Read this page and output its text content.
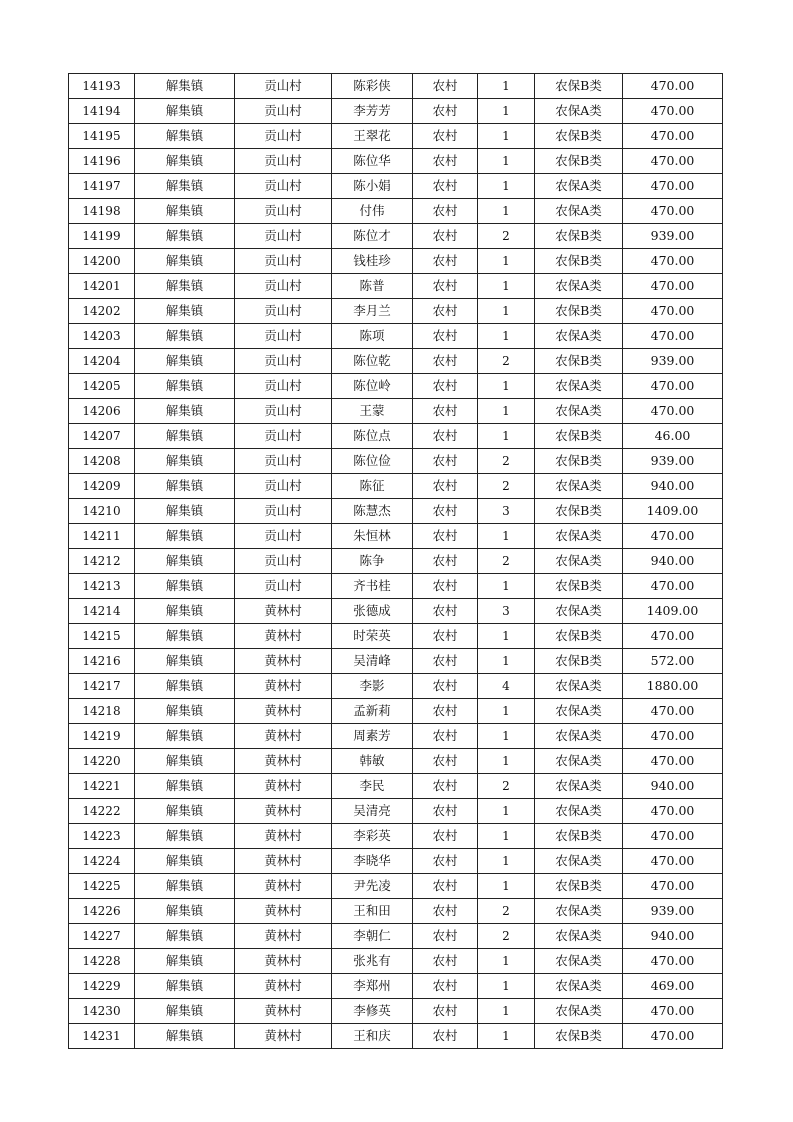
14193	解集镇	贡山村	陈彩侠	农村	1	农保B类	470.00
14194	解集镇	贡山村	李芳芳	农村	1	农保A类	470.00
14195	解集镇	贡山村	王翠花	农村	1	农保B类	470.00
14196	解集镇	贡山村	陈位华	农村	1	农保B类	470.00
14197	解集镇	贡山村	陈小娟	农村	1	农保A类	470.00
14198	解集镇	贡山村	付伟	农村	1	农保A类	470.00
14199	解集镇	贡山村	陈位才	农村	2	农保B类	939.00
14200	解集镇	贡山村	钱桂珍	农村	1	农保B类	470.00
14201	解集镇	贡山村	陈普	农村	1	农保A类	470.00
14202	解集镇	贡山村	李月兰	农村	1	农保B类	470.00
14203	解集镇	贡山村	陈项	农村	1	农保A类	470.00
14204	解集镇	贡山村	陈位乾	农村	2	农保B类	939.00
14205	解集镇	贡山村	陈位岭	农村	1	农保A类	470.00
14206	解集镇	贡山村	王蒙	农村	1	农保A类	470.00
14207	解集镇	贡山村	陈位点	农村	1	农保B类	46.00
14208	解集镇	贡山村	陈位俭	农村	2	农保B类	939.00
14209	解集镇	贡山村	陈征	农村	2	农保A类	940.00
14210	解集镇	贡山村	陈慧杰	农村	3	农保B类	1409.00
14211	解集镇	贡山村	朱恒林	农村	1	农保A类	470.00
14212	解集镇	贡山村	陈争	农村	2	农保A类	940.00
14213	解集镇	贡山村	齐书桂	农村	1	农保B类	470.00
14214	解集镇	黄林村	张德成	农村	3	农保A类	1409.00
14215	解集镇	黄林村	时荣英	农村	1	农保B类	470.00
14216	解集镇	黄林村	吴清峰	农村	1	农保B类	572.00
14217	解集镇	黄林村	李影	农村	4	农保A类	1880.00
14218	解集镇	黄林村	孟新莉	农村	1	农保A类	470.00
14219	解集镇	黄林村	周素芳	农村	1	农保A类	470.00
14220	解集镇	黄林村	韩敏	农村	1	农保A类	470.00
14221	解集镇	黄林村	李民	农村	2	农保A类	940.00
14222	解集镇	黄林村	吴清亮	农村	1	农保A类	470.00
14223	解集镇	黄林村	李彩英	农村	1	农保B类	470.00
14224	解集镇	黄林村	李晓华	农村	1	农保A类	470.00
14225	解集镇	黄林村	尹先凌	农村	1	农保B类	470.00
14226	解集镇	黄林村	王和田	农村	2	农保A类	939.00
14227	解集镇	黄林村	李朝仁	农村	2	农保A类	940.00
14228	解集镇	黄林村	张兆有	农村	1	农保A类	470.00
14229	解集镇	黄林村	李郑州	农村	1	农保A类	469.00
14230	解集镇	黄林村	李修英	农村	1	农保A类	470.00
14231	解集镇	黄林村	王和庆	农村	1	农保B类	470.00
